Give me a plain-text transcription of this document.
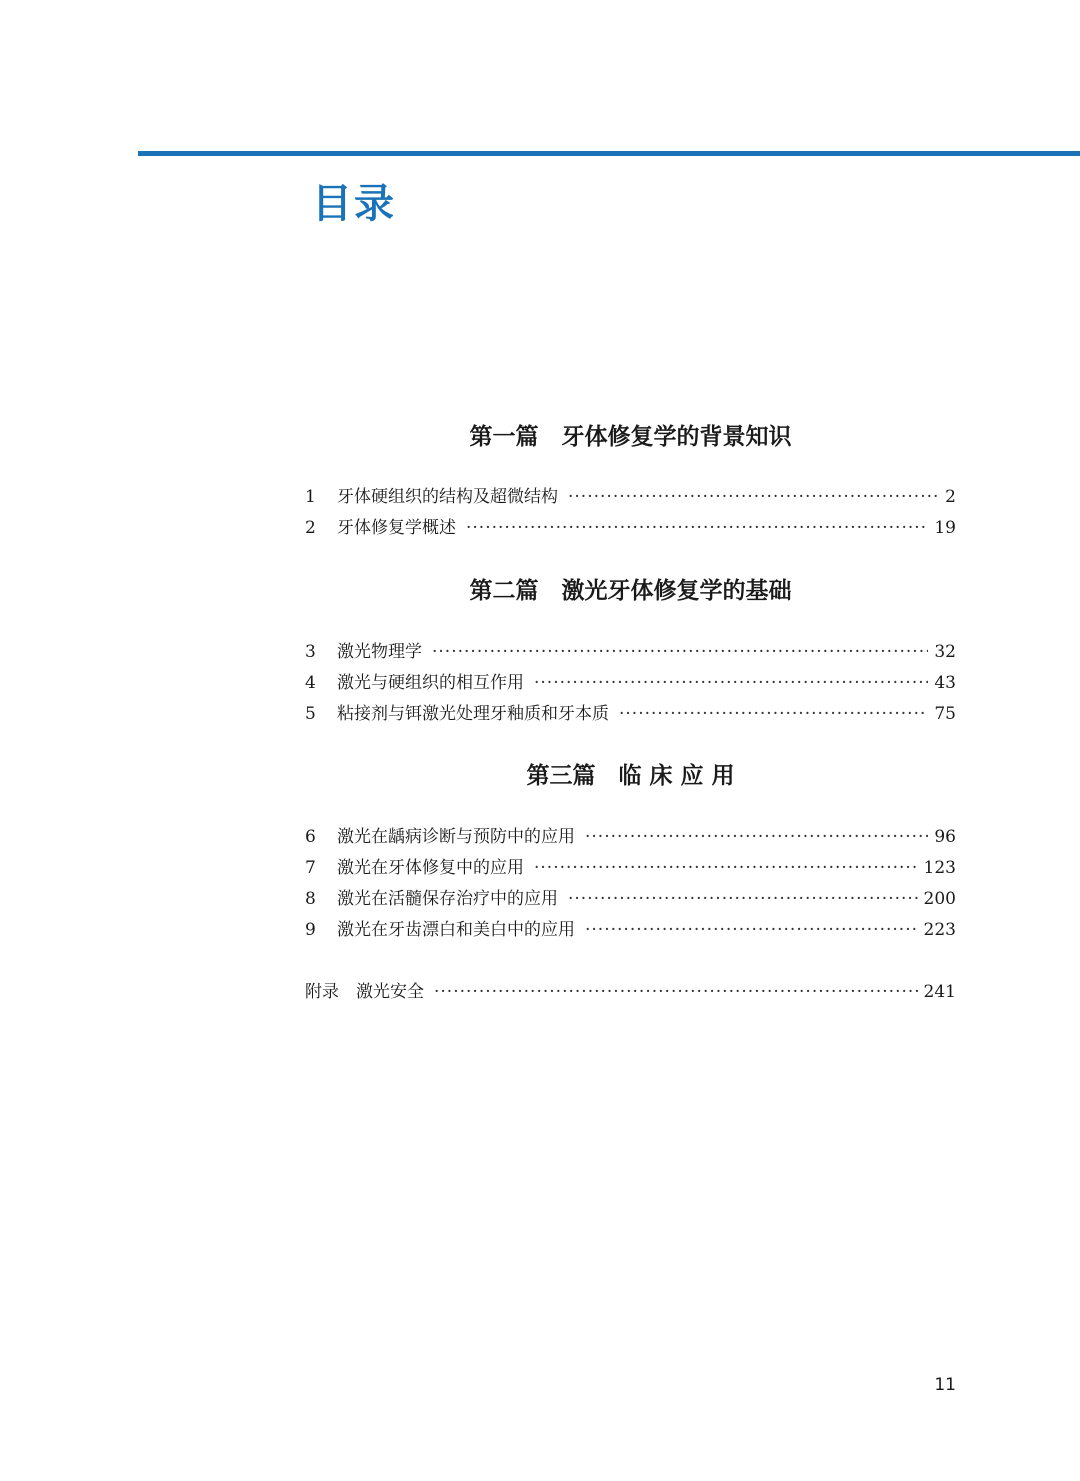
目录
第一篇　牙体修复学的背景知识
1	牙体硬组织的结构及超微结构 ·····	2
2	牙体修复学概述 ·····	19
第二篇　激光牙体修复学的基础
3	激光物理学 ·····	32
4	激光与硬组织的相互作用 ·····	43
5	粘接剂与铒激光处理牙釉质和牙本质 ·····	75
第三篇　临 床 应 用
6	激光在龋病诊断与预防中的应用 ·····	96
7	激光在牙体修复中的应用 ·····	123
8	激光在活髓保存治疗中的应用 ·····	200
9	激光在牙齿漂白和美白中的应用 ·····	223
附录　激光安全 ·····	241
11
